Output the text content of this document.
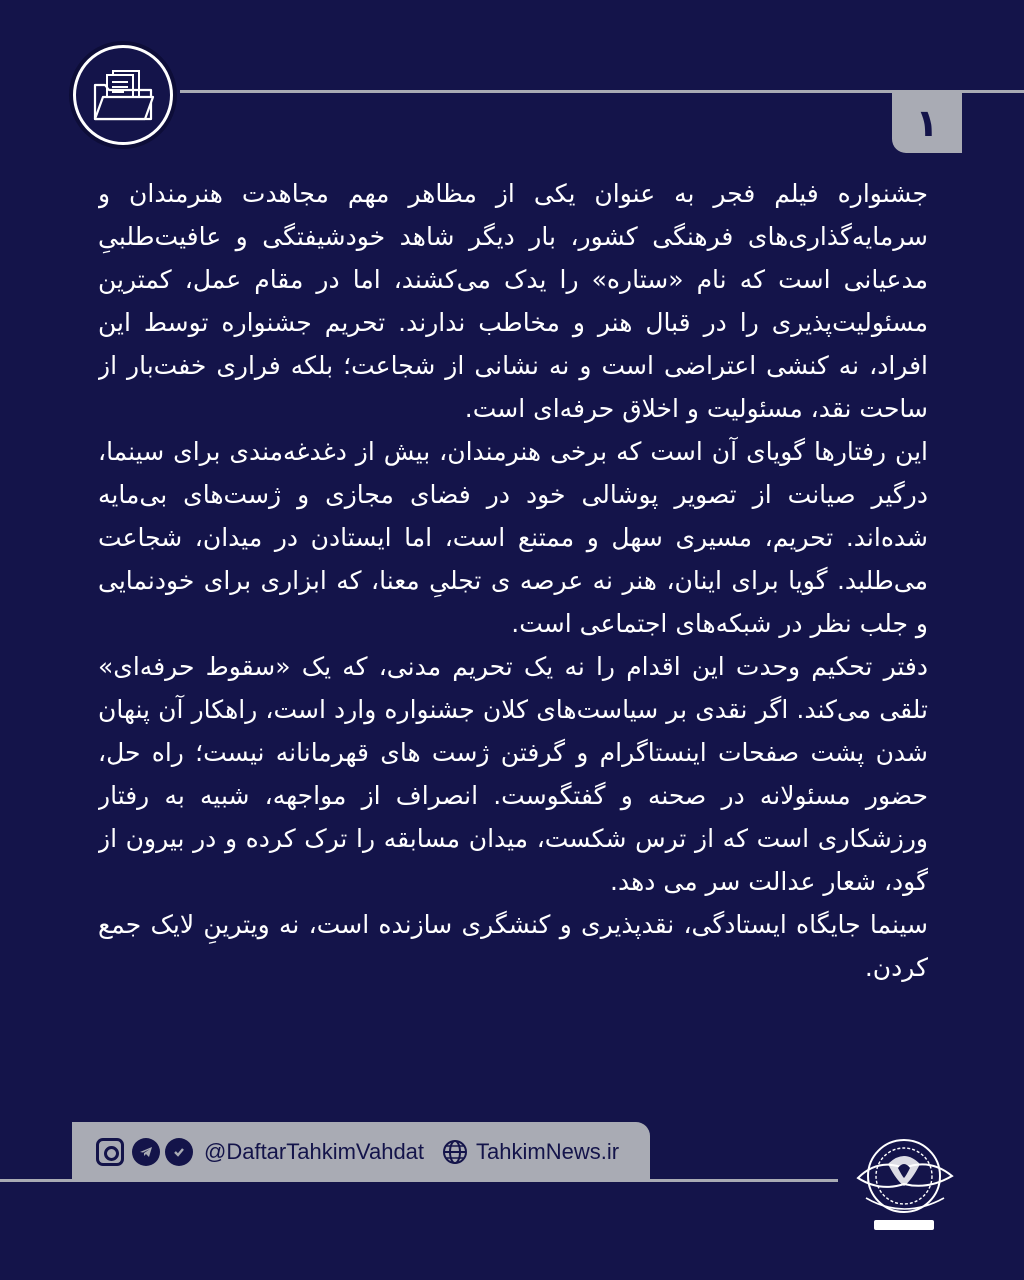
۱

جشنواره فیلم فجر به عنوان یکی از مظاهر مهم مجاهدت هنرمندان و سرمایه‌گذاری‌های فرهنگی کشور، بار دیگر شاهد خودشیفتگی و عافیت‌طلبیِ مدعیانی است که نام «ستاره» را یدک می‌کشند، اما در مقام عمل، کمترین مسئولیت‌پذیری را در قبال هنر و مخاطب ندارند. تحریم جشنواره توسط این افراد، نه کنشی اعتراضی است و نه نشانی از شجاعت؛ بلکه فراری خفت‌بار از ساحت نقد، مسئولیت و اخلاق حرفه‌ای است.

این رفتارها گویای آن است که برخی هنرمندان، بیش از دغدغه‌مندی برای سینما، درگیر صیانت از تصویر پوشالی خود در فضای مجازی و ژست‌های بی‌مایه شده‌اند. تحریم، مسیری سهل و ممتنع است، اما ایستادن در میدان، شجاعت می‌طلبد. گویا برای اینان، هنر نه عرصه ی تجلیِ معنا، که ابزاری برای خودنمایی و جلب نظر در شبکه‌های اجتماعی است.

دفتر تحکیم وحدت این اقدام را نه یک تحریم مدنی، که یک «سقوط حرفه‌ای» تلقی می‌کند. اگر نقدی بر سیاست‌های کلان جشنواره وارد است، راهکار آن پنهان شدن پشت صفحات اینستاگرام و گرفتن ژست های قهرمانانه نیست؛ راه حل، حضور مسئولانه در صحنه و گفتگوست. انصراف از مواجهه، شبیه به رفتار ورزشکاری است که از ترس شکست، میدان مسابقه را ترک کرده و در بیرون از گود، شعار عدالت سر می دهد.

سینما جایگاه ایستادگی، نقدپذیری و کنشگری سازنده است، نه ویترینِ لایک جمع کردن.

@DaftarTahkimVahdat TahkimNews.ir
